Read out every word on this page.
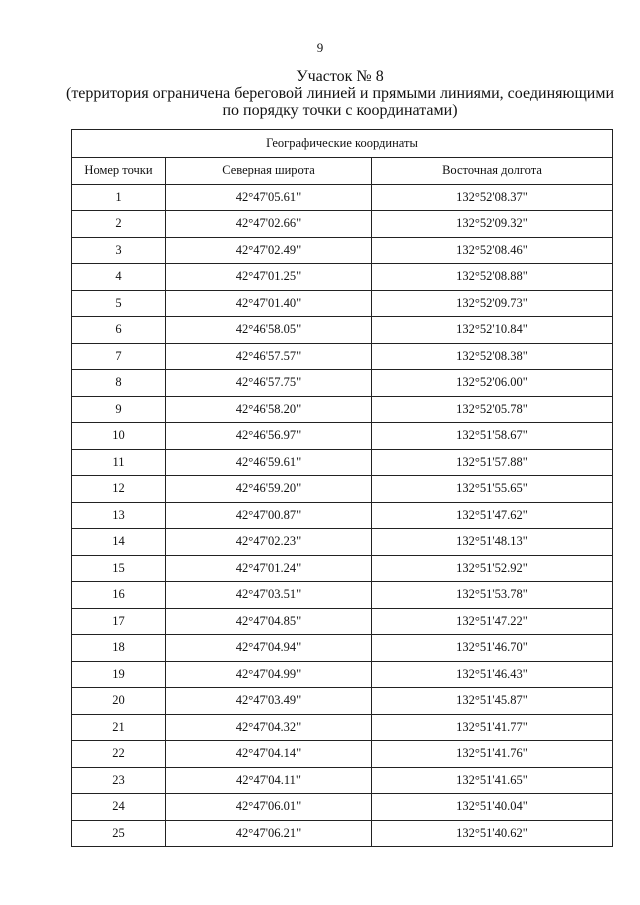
9
Участок № 8
(территория ограничена береговой линией и прямыми линиями, соединяющими
по порядку точки с координатами)
Географические координаты		
Номер точки	Северная широта	Восточная долгота
1	42°47'05.61"	132°52'08.37"
2	42°47'02.66"	132°52'09.32"
3	42°47'02.49"	132°52'08.46"
4	42°47'01.25"	132°52'08.88"
5	42°47'01.40"	132°52'09.73"
6	42°46'58.05"	132°52'10.84"
7	42°46'57.57"	132°52'08.38"
8	42°46'57.75"	132°52'06.00"
9	42°46'58.20"	132°52'05.78"
10	42°46'56.97"	132°51'58.67"
11	42°46'59.61"	132°51'57.88"
12	42°46'59.20"	132°51'55.65"
13	42°47'00.87"	132°51'47.62"
14	42°47'02.23"	132°51'48.13"
15	42°47'01.24"	132°51'52.92"
16	42°47'03.51"	132°51'53.78"
17	42°47'04.85"	132°51'47.22"
18	42°47'04.94"	132°51'46.70"
19	42°47'04.99"	132°51'46.43"
20	42°47'03.49"	132°51'45.87"
21	42°47'04.32"	132°51'41.77"
22	42°47'04.14"	132°51'41.76"
23	42°47'04.11"	132°51'41.65"
24	42°47'06.01"	132°51'40.04"
25	42°47'06.21"	132°51'40.62"
